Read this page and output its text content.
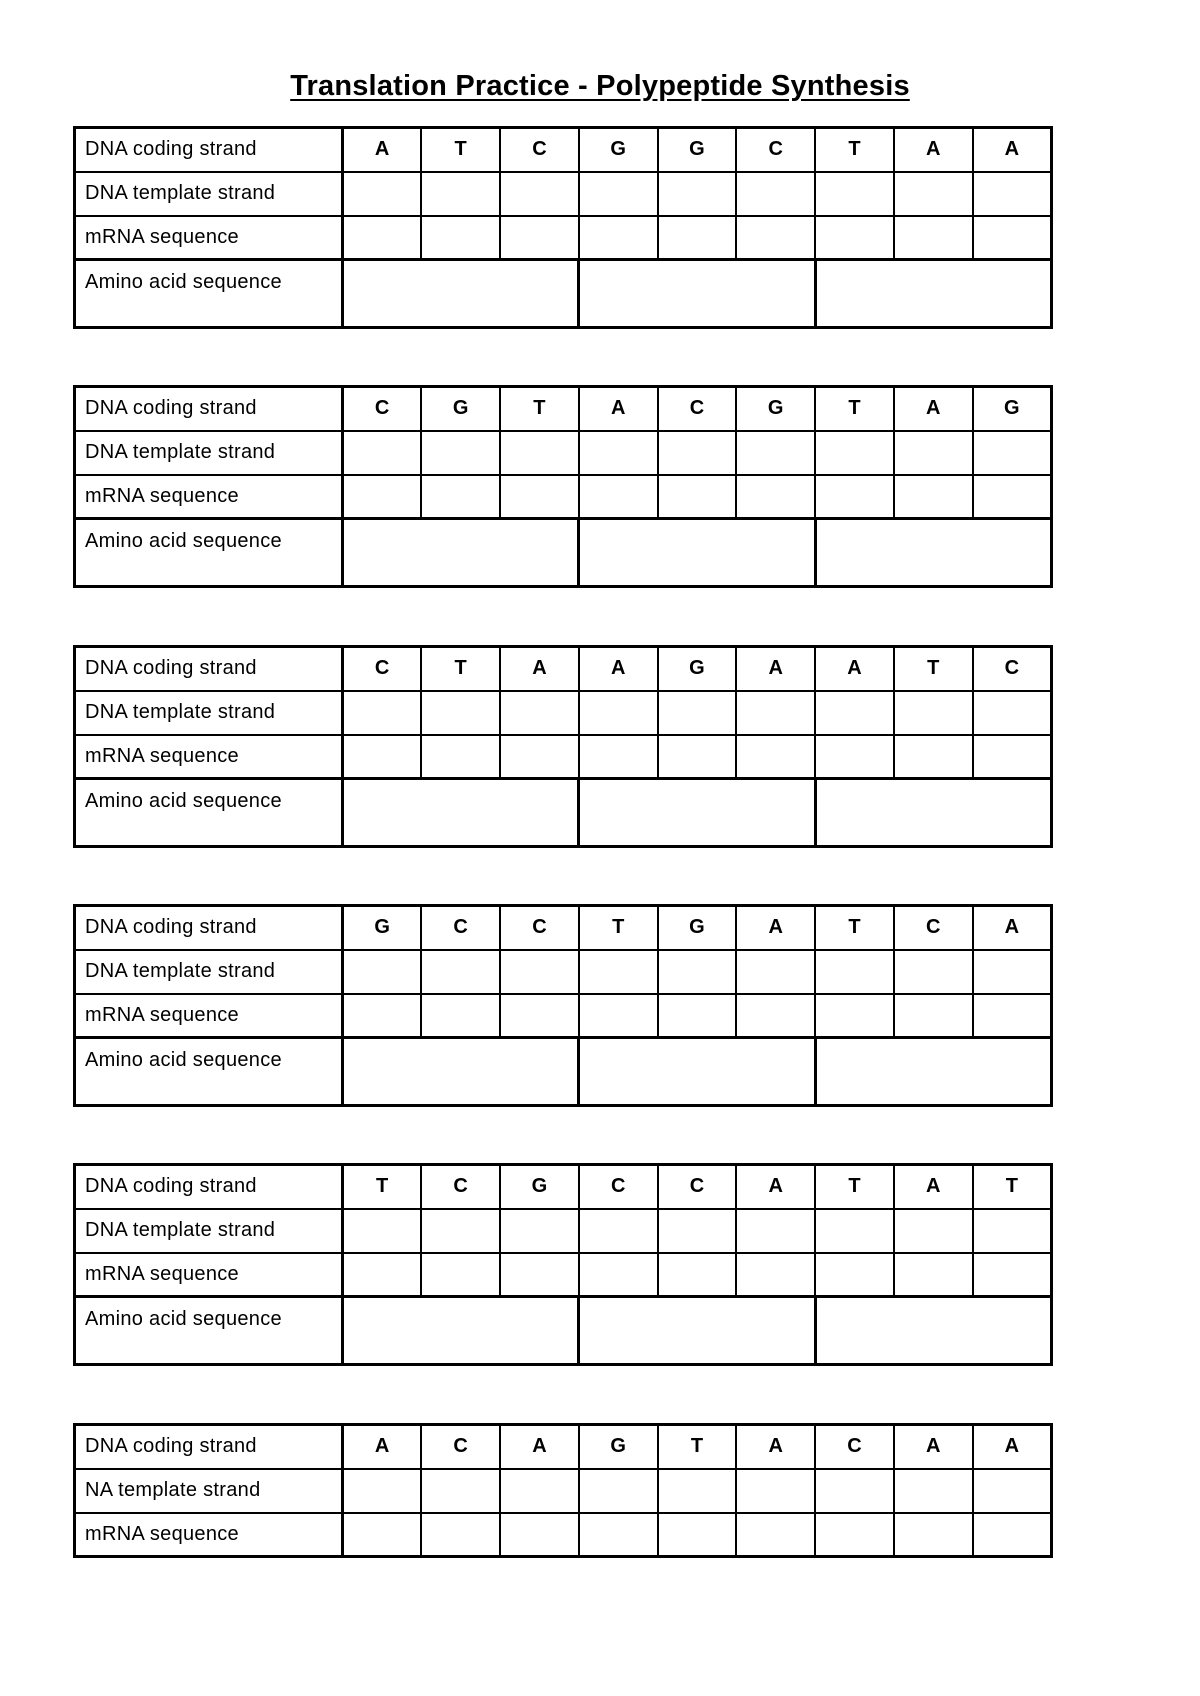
Translation Practice - Polypeptide Synthesis
DNA coding strand	A	T	C	G	G	C	T	A	A
DNA template strand									
mRNA sequence									
Amino acid sequence									
DNA coding strand	C	G	T	A	C	G	T	A	G
DNA template strand									
mRNA sequence									
Amino acid sequence									
DNA coding strand	C	T	A	A	G	A	A	T	C
DNA template strand									
mRNA sequence									
Amino acid sequence									
DNA coding strand	G	C	C	T	G	A	T	C	A
DNA template strand									
mRNA sequence									
Amino acid sequence									
DNA coding strand	T	C	G	C	C	A	T	A	T
DNA template strand									
mRNA sequence									
Amino acid sequence									
DNA coding strand	A	C	A	G	T	A	C	A	A
NA template strand									
mRNA sequence									
